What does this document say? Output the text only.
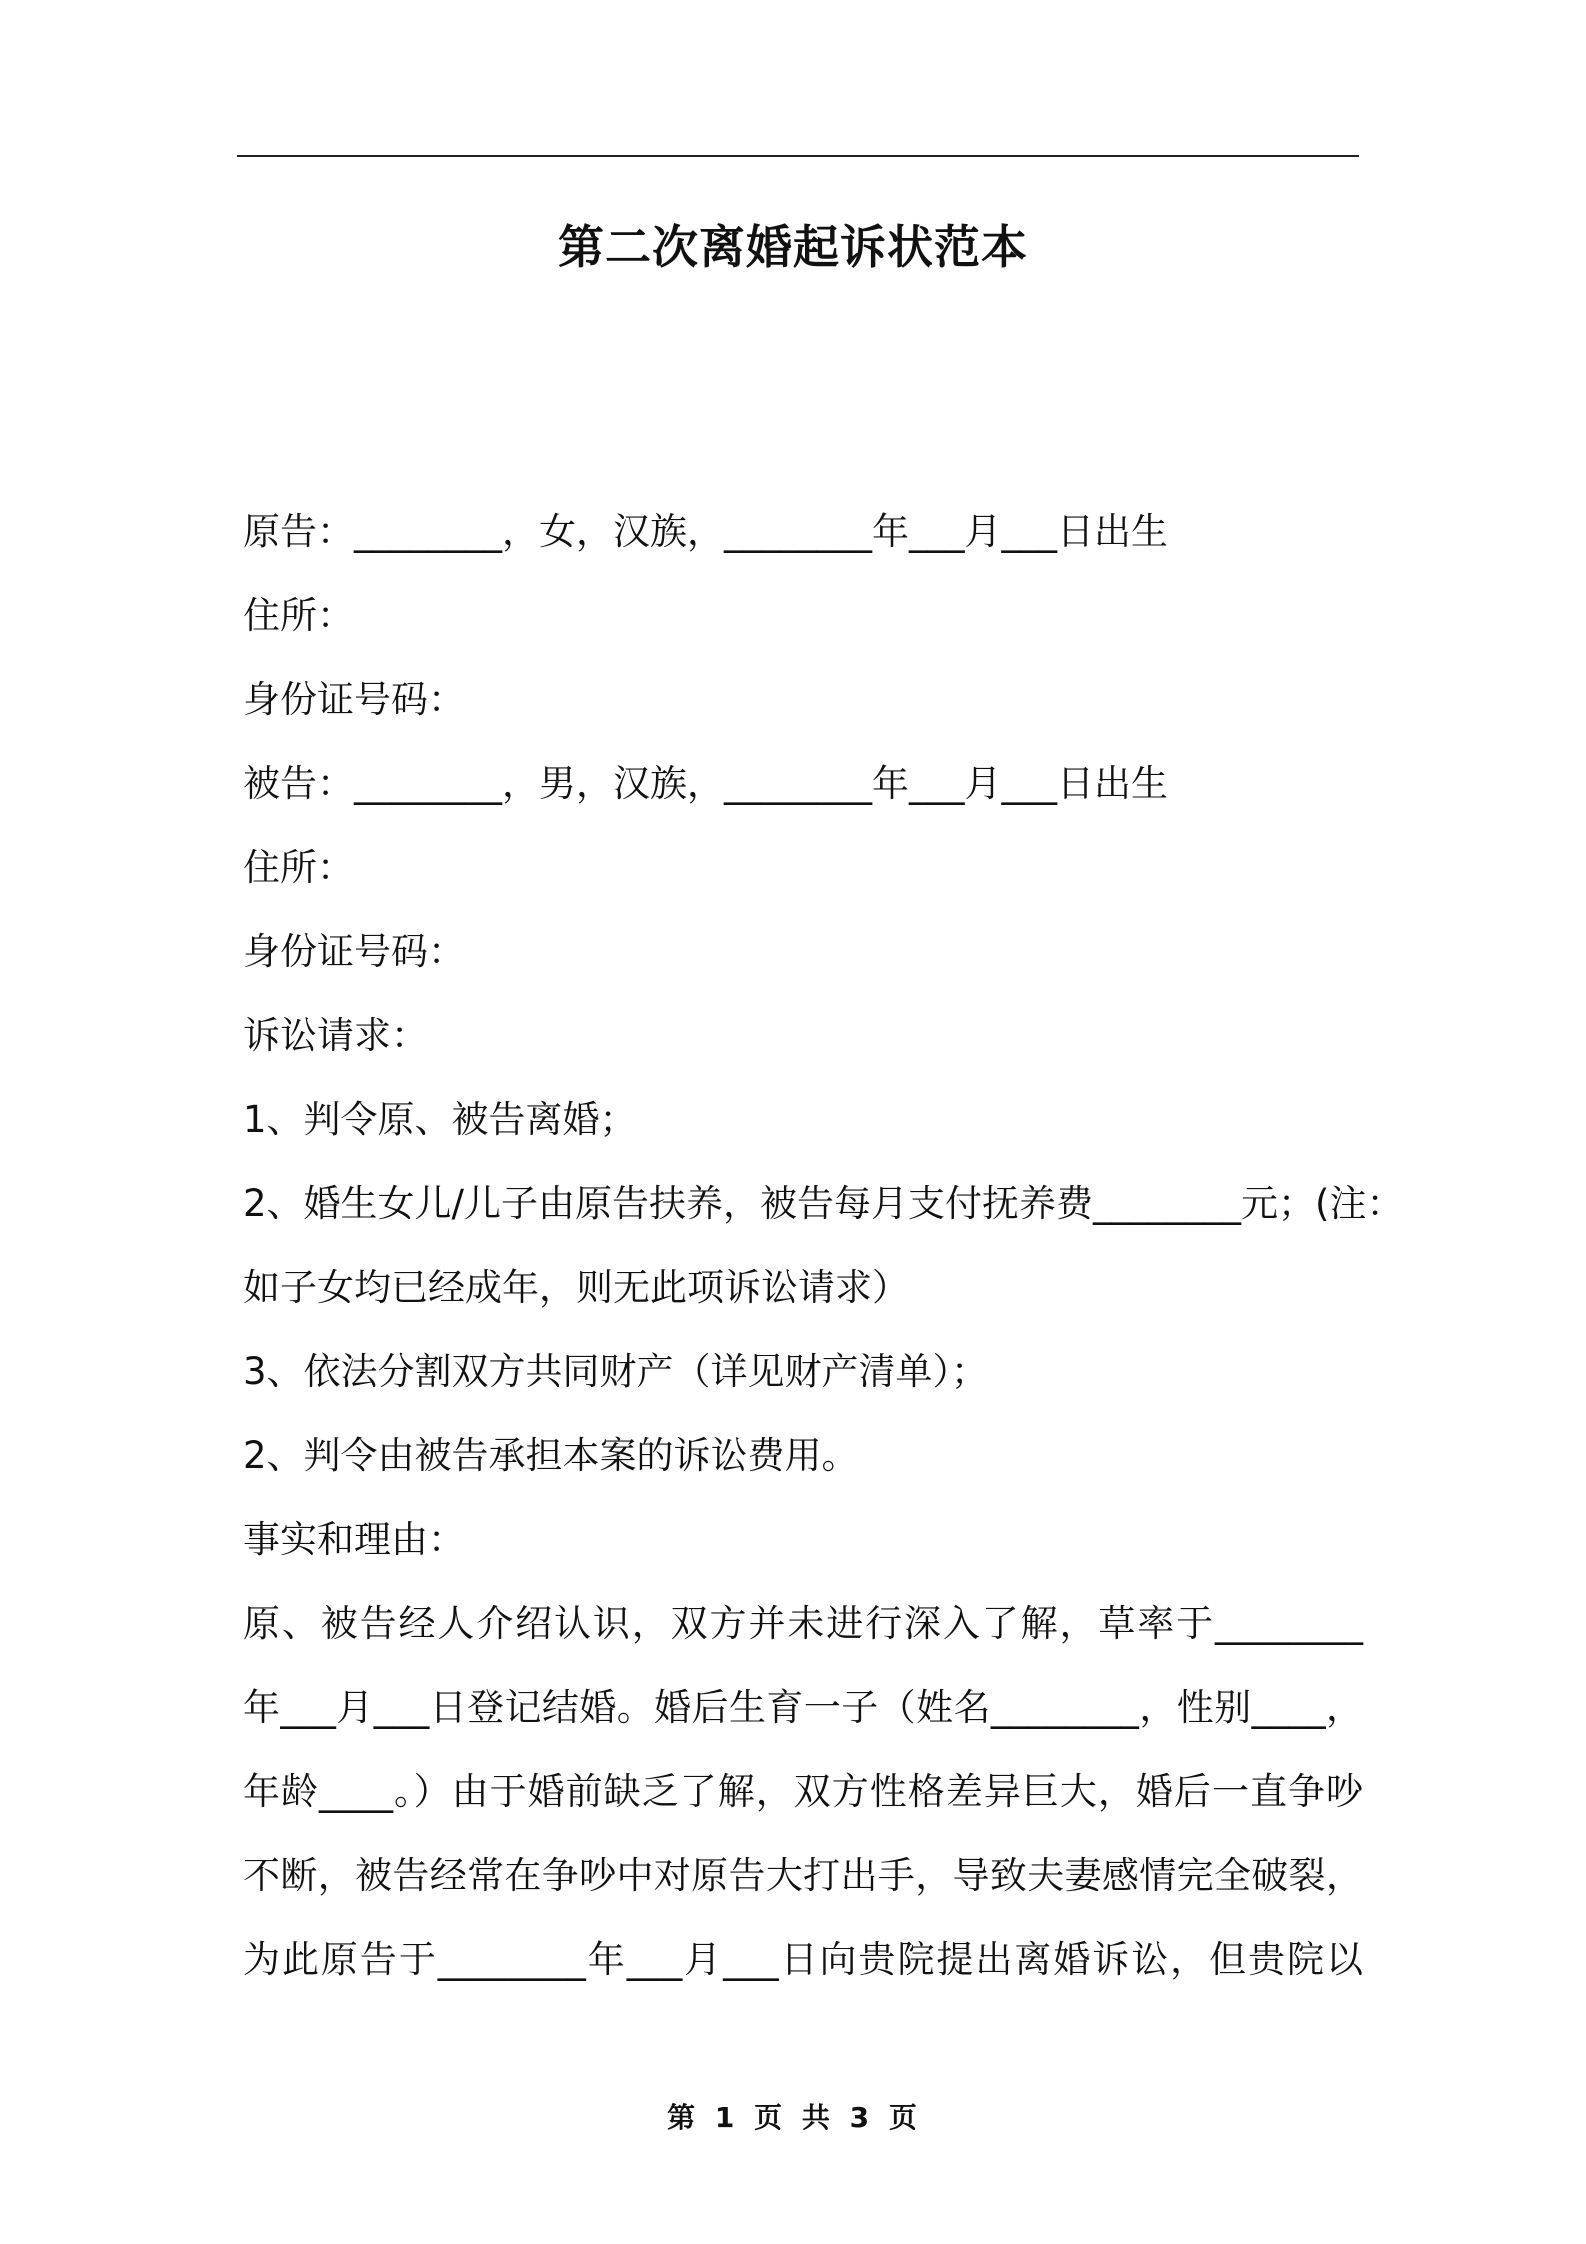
第二次离婚起诉状范本
原告：________，女，汉族，________年___月___日出生
住所：
身份证号码：
被告：________，男，汉族，________年___月___日出生
住所：
身份证号码：
诉讼请求：
1、判令原、被告离婚；
2、婚生女儿/儿子由原告扶养，被告每月支付抚养费________元；(注：
如子女均已经成年，则无此项诉讼请求）
3、依法分割双方共同财产（详见财产清单）；
2、判令由被告承担本案的诉讼费用。
事实和理由：
原、被告经人介绍认识，双方并未进行深入了解，草率于________
年___月___日登记结婚。婚后生育一子（姓名________，性别____，
年龄____。）由于婚前缺乏了解，双方性格差异巨大，婚后一直争吵
不断，被告经常在争吵中对原告大打出手，导致夫妻感情完全破裂，
为此原告于________年___月___日向贵院提出离婚诉讼，但贵院以
第 1 页 共 3 页
